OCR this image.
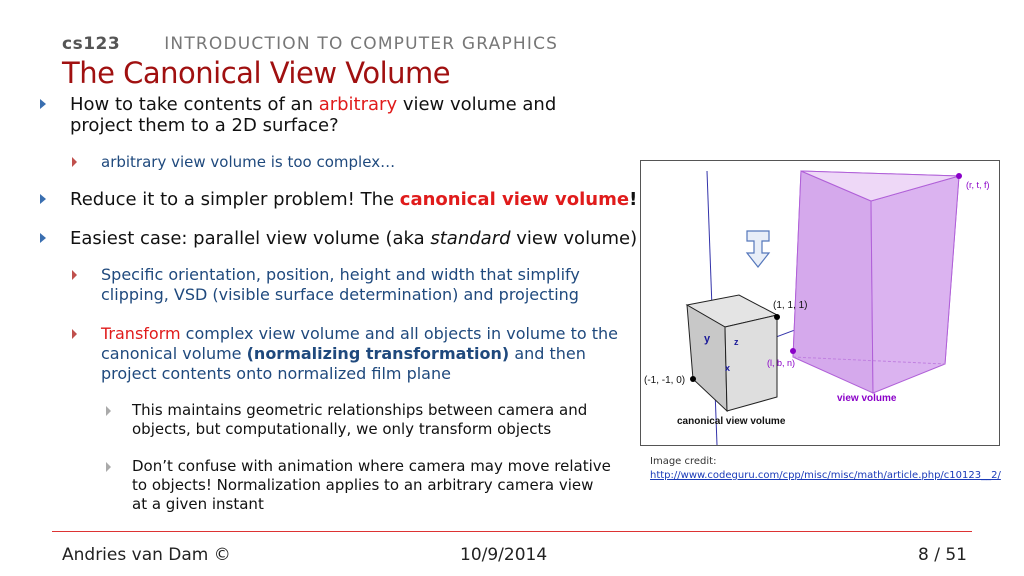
cs123	INTRODUCTION TO COMPUTER GRAPHICS
The Canonical View Volume
How to take contents of an arbitrary view volume and project them to a 2D surface?
arbitrary view volume is too complex…
Reduce it to a simpler problem! The canonical view volume!
Easiest case: parallel view volume (aka standard view volume)
Specific orientation, position, height and width that simplify clipping, VSD (visible surface determination) and projecting
Transform complex view volume and all objects in volume to the canonical volume (normalizing transformation) and then project contents onto normalized film plane
This maintains geometric relationships between camera and objects, but computationally, we only transform objects
Don’t confuse with animation where camera may move relative to objects! Normalization applies to an arbitrary camera view at a given instant
(r, t, f)
(1, 1, 1)
(l, b, n)
(-1, -1, 0)
y	z
x
view volume
canonical view volume
Image credit:
http://www.codeguru.com/cpp/misc/misc/math/article.php/c10123__2/
Andries van Dam ©	10/9/2014	8 / 51
